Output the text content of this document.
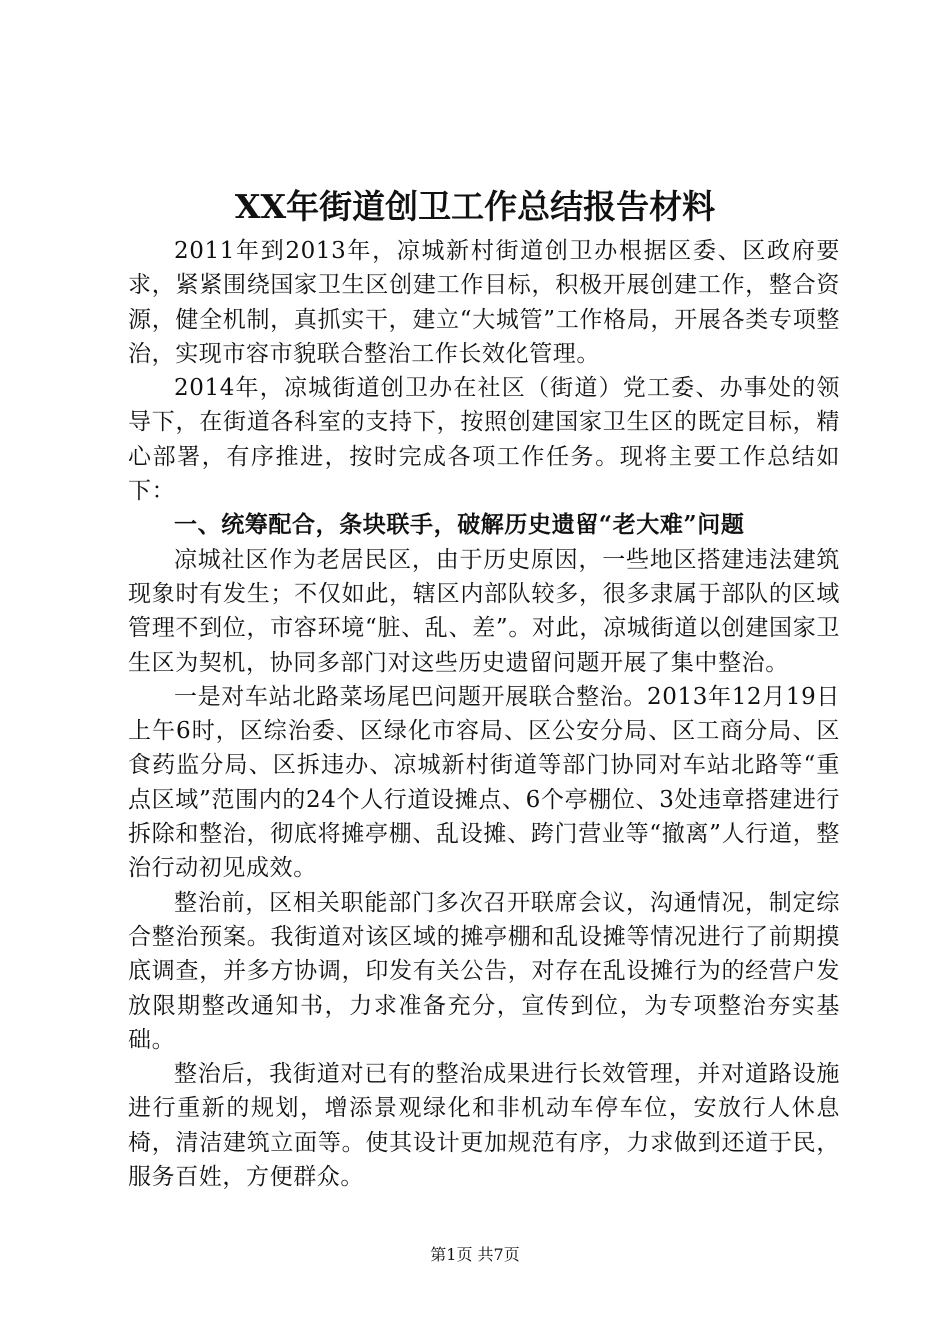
XX年街道创卫工作总结报告材料

2011年到2013年，凉城新村街道创卫办根据区委、区政府要求，紧紧围绕国家卫生区创建工作目标，积极开展创建工作，整合资源，健全机制，真抓实干，建立“大城管”工作格局，开展各类专项整治，实现市容市貌联合整治工作长效化管理。

2014年，凉城街道创卫办在社区（街道）党工委、办事处的领导下，在街道各科室的支持下，按照创建国家卫生区的既定目标，精心部署，有序推进，按时完成各项工作任务。现将主要工作总结如下：

一、统筹配合，条块联手，破解历史遗留“老大难”问题

凉城社区作为老居民区，由于历史原因，一些地区搭建违法建筑现象时有发生；不仅如此，辖区内部队较多，很多隶属于部队的区域管理不到位，市容环境“脏、乱、差”。对此，凉城街道以创建国家卫生区为契机，协同多部门对这些历史遗留问题开展了集中整治。

一是对车站北路菜场尾巴问题开展联合整治。2013年12月19日上午6时，区综治委、区绿化市容局、区公安分局、区工商分局、区食药监分局、区拆违办、凉城新村街道等部门协同对车站北路等“重点区域”范围内的24个人行道设摊点、6个亭棚位、3处违章搭建进行拆除和整治，彻底将摊亭棚、乱设摊、跨门营业等“撤离”人行道，整治行动初见成效。

整治前，区相关职能部门多次召开联席会议，沟通情况，制定综合整治预案。我街道对该区域的摊亭棚和乱设摊等情况进行了前期摸底调查，并多方协调，印发有关公告，对存在乱设摊行为的经营户发放限期整改通知书，力求准备充分，宣传到位，为专项整治夯实基础。

整治后，我街道对已有的整治成果进行长效管理，并对道路设施进行重新的规划，增添景观绿化和非机动车停车位，安放行人休息椅，清洁建筑立面等。使其设计更加规范有序，力求做到还道于民，服务百姓，方便群众。

第1页 共7页
